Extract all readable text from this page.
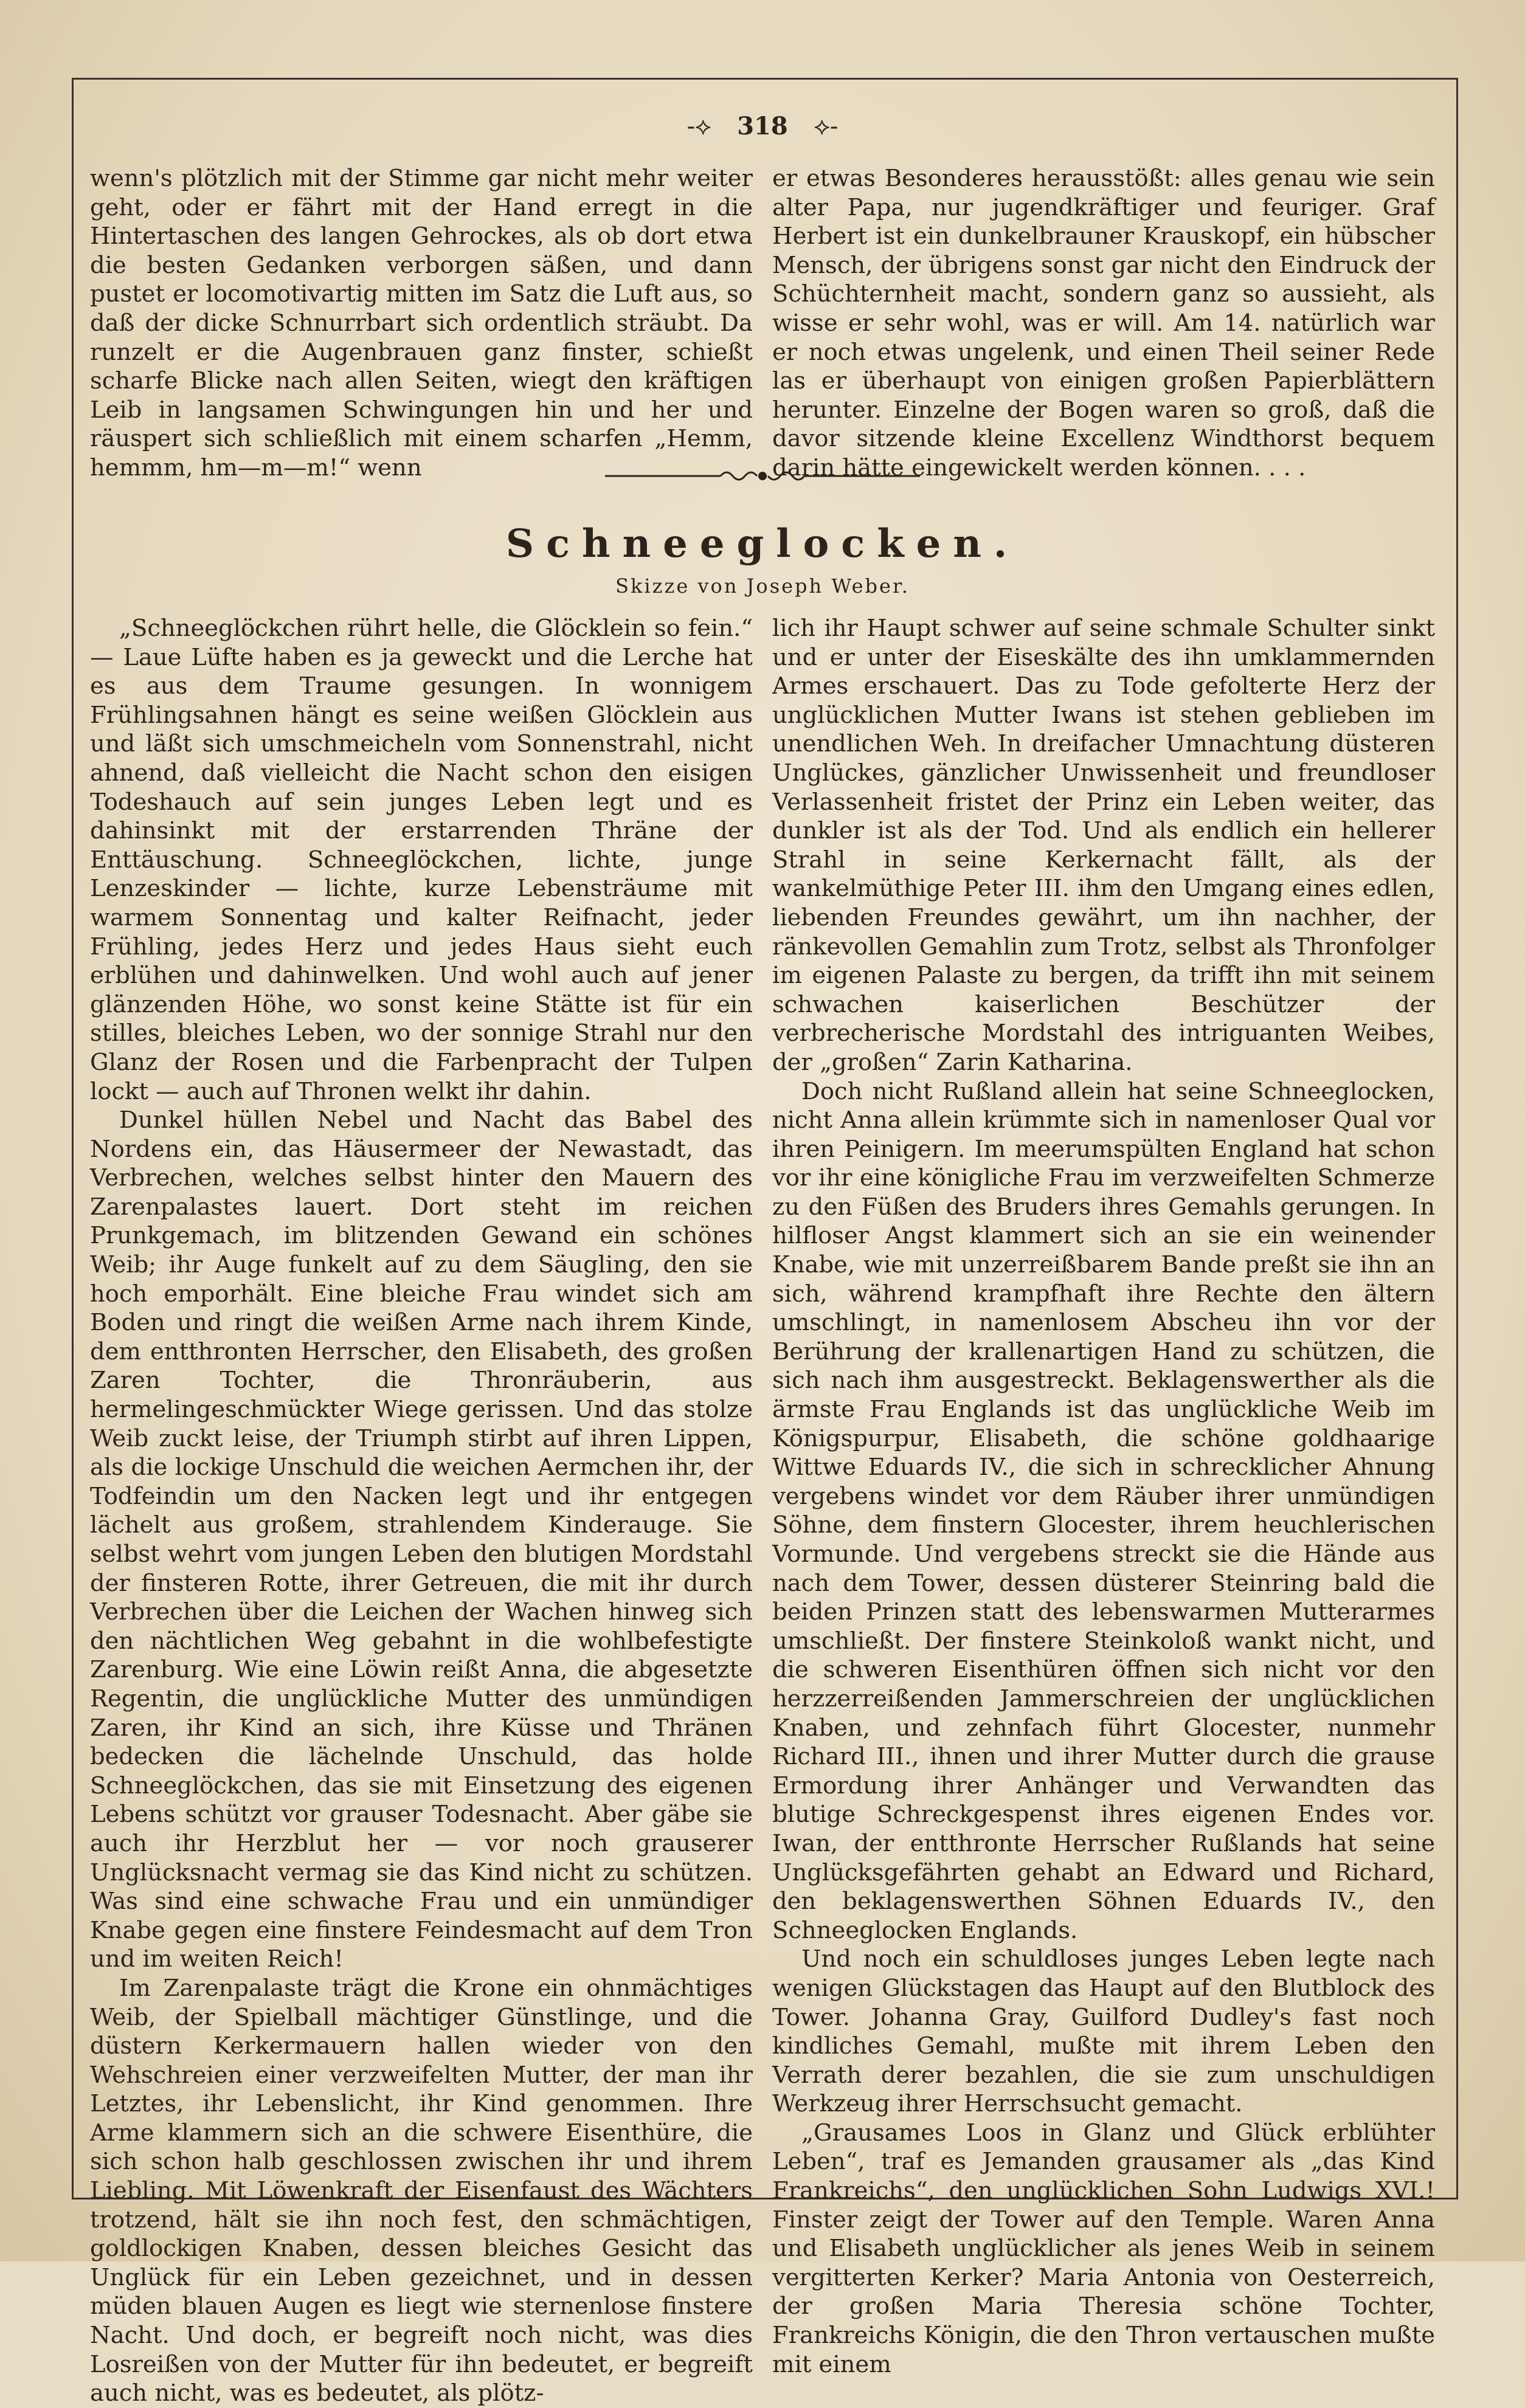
-⟡ 318 ⟡-

wenn's plötzlich mit der Stimme gar nicht mehr weiter geht, oder er fährt mit der Hand erregt in die Hintertaschen des langen Gehrockes, als ob dort etwa die besten Gedanken verborgen säßen, und dann pustet er locomotivartig mitten im Satz die Luft aus, so daß der dicke Schnurrbart sich ordentlich sträubt. Da runzelt er die Augenbrauen ganz finster, schießt scharfe Blicke nach allen Seiten, wiegt den kräftigen Leib in langsamen Schwingungen hin und her und räuspert sich schließlich mit einem scharfen „Hemm, hemmm, hm—m—m!“ wenn

er etwas Besonderes herausstößt: alles genau wie sein alter Papa, nur jugendkräftiger und feuriger. Graf Herbert ist ein dunkelbrauner Krauskopf, ein hübscher Mensch, der übrigens sonst gar nicht den Eindruck der Schüchternheit macht, sondern ganz so aussieht, als wisse er sehr wohl, was er will. Am 14. natürlich war er noch etwas ungelenk, und einen Theil seiner Rede las er überhaupt von einigen großen Papierblättern herunter. Einzelne der Bogen waren so groß, daß die davor sitzende kleine Excellenz Windthorst bequem darin hätte eingewickelt werden können. . . .

Schneeglocken.
Skizze von Joseph Weber.

„Schneeglöckchen rührt helle, die Glöcklein so fein.“ — Laue Lüfte haben es ja geweckt und die Lerche hat es aus dem Traume gesungen. In wonnigem Frühlingsahnen hängt es seine weißen Glöcklein aus und läßt sich umschmeicheln vom Sonnenstrahl, nicht ahnend, daß vielleicht die Nacht schon den eisigen Todeshauch auf sein junges Leben legt und es dahinsinkt mit der erstarrenden Thräne der Enttäuschung. Schneeglöckchen, lichte, junge Lenzeskinder — lichte, kurze Lebensträume mit warmem Sonnentag und kalter Reifnacht, jeder Frühling, jedes Herz und jedes Haus sieht euch erblühen und dahinwelken. Und wohl auch auf jener glänzenden Höhe, wo sonst keine Stätte ist für ein stilles, bleiches Leben, wo der sonnige Strahl nur den Glanz der Rosen und die Farbenpracht der Tulpen lockt — auch auf Thronen welkt ihr dahin.

Dunkel hüllen Nebel und Nacht das Babel des Nordens ein, das Häusermeer der Newastadt, das Verbrechen, welches selbst hinter den Mauern des Zarenpalastes lauert. Dort steht im reichen Prunkgemach, im blitzenden Gewand ein schönes Weib; ihr Auge funkelt auf zu dem Säugling, den sie hoch emporhält. Eine bleiche Frau windet sich am Boden und ringt die weißen Arme nach ihrem Kinde, dem entthronten Herrscher, den Elisabeth, des großen Zaren Tochter, die Thronräuberin, aus hermelingeschmückter Wiege gerissen. Und das stolze Weib zuckt leise, der Triumph stirbt auf ihren Lippen, als die lockige Unschuld die weichen Aermchen ihr, der Todfeindin um den Nacken legt und ihr entgegen lächelt aus großem, strahlendem Kinderauge. Sie selbst wehrt vom jungen Leben den blutigen Mordstahl der finsteren Rotte, ihrer Getreuen, die mit ihr durch Verbrechen über die Leichen der Wachen hinweg sich den nächtlichen Weg gebahnt in die wohlbefestigte Zarenburg. Wie eine Löwin reißt Anna, die abgesetzte Regentin, die unglückliche Mutter des unmündigen Zaren, ihr Kind an sich, ihre Küsse und Thränen bedecken die lächelnde Unschuld, das holde Schneeglöckchen, das sie mit Einsetzung des eigenen Lebens schützt vor grauser Todesnacht. Aber gäbe sie auch ihr Herzblut her — vor noch grauserer Unglücksnacht vermag sie das Kind nicht zu schützen. Was sind eine schwache Frau und ein unmündiger Knabe gegen eine finstere Feindesmacht auf dem Tron und im weiten Reich!

Im Zarenpalaste trägt die Krone ein ohnmächtiges Weib, der Spielball mächtiger Günstlinge, und die düstern Kerkermauern hallen wieder von den Wehschreien einer verzweifelten Mutter, der man ihr Letztes, ihr Lebenslicht, ihr Kind genommen. Ihre Arme klammern sich an die schwere Eisenthüre, die sich schon halb geschlossen zwischen ihr und ihrem Liebling. Mit Löwenkraft der Eisenfaust des Wächters trotzend, hält sie ihn noch fest, den schmächtigen, goldlockigen Knaben, dessen bleiches Gesicht das Unglück für ein Leben gezeichnet, und in dessen müden blauen Augen es liegt wie sternenlose finstere Nacht. Und doch, er begreift noch nicht, was dies Losreißen von der Mutter für ihn bedeutet, er begreift auch nicht, was es bedeutet, als plötz-

lich ihr Haupt schwer auf seine schmale Schulter sinkt und er unter der Eiseskälte des ihn umklammernden Armes erschauert. Das zu Tode gefolterte Herz der unglücklichen Mutter Iwans ist stehen geblieben im unendlichen Weh. In dreifacher Umnachtung düsteren Unglückes, gänzlicher Unwissenheit und freundloser Verlassenheit fristet der Prinz ein Leben weiter, das dunkler ist als der Tod. Und als endlich ein hellerer Strahl in seine Kerkernacht fällt, als der wankelmüthige Peter III. ihm den Umgang eines edlen, liebenden Freundes gewährt, um ihn nachher, der ränkevollen Gemahlin zum Trotz, selbst als Thronfolger im eigenen Palaste zu bergen, da trifft ihn mit seinem schwachen kaiserlichen Beschützer der verbrecherische Mordstahl des intriguanten Weibes, der „großen“ Zarin Katharina.

Doch nicht Rußland allein hat seine Schneeglocken, nicht Anna allein krümmte sich in namenloser Qual vor ihren Peinigern. Im meerumspülten England hat schon vor ihr eine königliche Frau im verzweifelten Schmerze zu den Füßen des Bruders ihres Gemahls gerungen. In hilfloser Angst klammert sich an sie ein weinender Knabe, wie mit unzerreißbarem Bande preßt sie ihn an sich, während krampfhaft ihre Rechte den ältern umschlingt, in namenlosem Abscheu ihn vor der Berührung der krallenartigen Hand zu schützen, die sich nach ihm ausgestreckt. Beklagenswerther als die ärmste Frau Englands ist das unglückliche Weib im Königspurpur, Elisabeth, die schöne goldhaarige Wittwe Eduards IV., die sich in schrecklicher Ahnung vergebens windet vor dem Räuber ihrer unmündigen Söhne, dem finstern Glocester, ihrem heuchlerischen Vormunde. Und vergebens streckt sie die Hände aus nach dem Tower, dessen düsterer Steinring bald die beiden Prinzen statt des lebenswarmen Mutterarmes umschließt. Der finstere Steinkoloß wankt nicht, und die schweren Eisenthüren öffnen sich nicht vor den herzzerreißenden Jammerschreien der unglücklichen Knaben, und zehnfach führt Glocester, nunmehr Richard III., ihnen und ihrer Mutter durch die grause Ermordung ihrer Anhänger und Verwandten das blutige Schreckgespenst ihres eigenen Endes vor. Iwan, der entthronte Herrscher Rußlands hat seine Unglücksgefährten gehabt an Edward und Richard, den beklagenswerthen Söhnen Eduards IV., den Schneeglocken Englands.

Und noch ein schuldloses junges Leben legte nach wenigen Glückstagen das Haupt auf den Blutblock des Tower. Johanna Gray, Guilford Dudley's fast noch kindliches Gemahl, mußte mit ihrem Leben den Verrath derer bezahlen, die sie zum unschuldigen Werkzeug ihrer Herrschsucht gemacht.

„Grausames Loos in Glanz und Glück erblühter Leben“, traf es Jemanden grausamer als „das Kind Frankreichs“, den unglücklichen Sohn Ludwigs XVI.! Finster zeigt der Tower auf den Temple. Waren Anna und Elisabeth unglücklicher als jenes Weib in seinem vergitterten Kerker? Maria Antonia von Oesterreich, der großen Maria Theresia schöne Tochter, Frankreichs Königin, die den Thron vertauschen mußte mit einem
